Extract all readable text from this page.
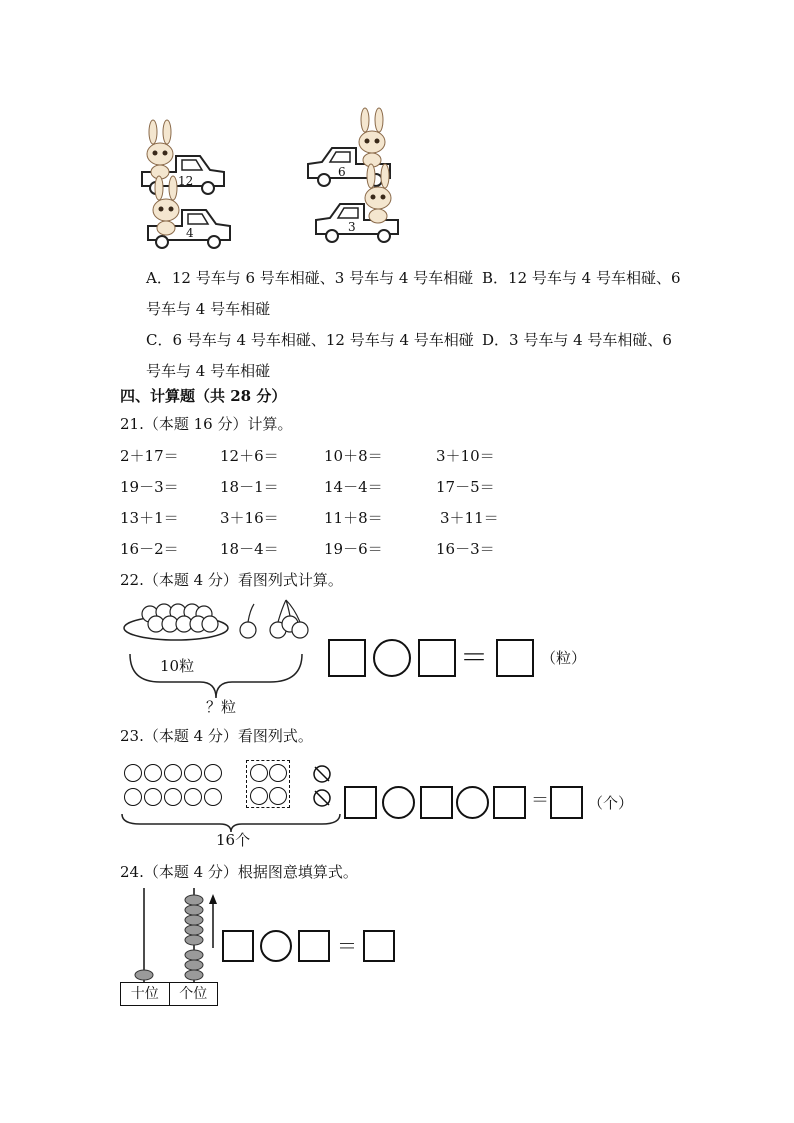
12
4
6
3
A．12 号车与 6 号车相碰、3 号车与 4 号车相碰 B．12 号车与 4 号车相碰、6
号车与 4 号车相碰
C．6 号车与 4 号车相碰、12 号车与 4 号车相碰 D．3 号车与 4 号车相碰、6
号车与 4 号车相碰
四、计算题（共 28 分）
21.（本题 16 分）计算。
2＋17＝	12＋6＝	10＋8＝	3＋10＝
19－3＝	18－1＝	14－4＝	17－5＝
13＋1＝	3＋16＝	11＋8＝	3＋11＝
16－2＝	18－4＝	19－6＝	16－3＝
22.（本题 4 分）看图列式计算。
10粒
？粒
＝	（粒）
23.（本题 4 分）看图列式。
16个
＝	（个）
24.（本题 4 分）根据图意填算式。
十位	个位
＝
